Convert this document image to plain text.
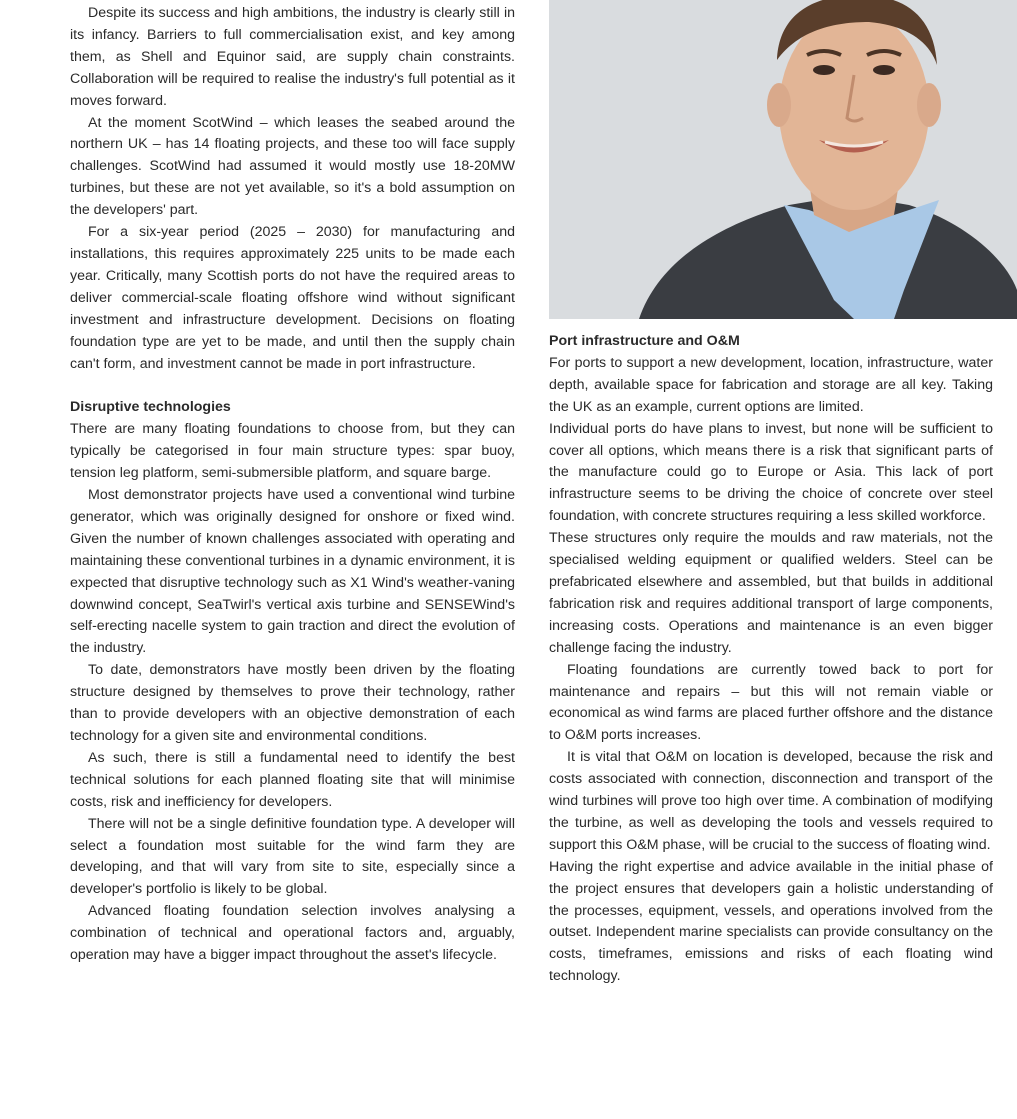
Despite its success and high ambitions, the industry is clearly still in its infancy. Barriers to full commercialisation exist, and key among them, as Shell and Equinor said, are supply chain constraints. Collaboration will be required to realise the industry's full potential as it moves forward.

At the moment ScotWind – which leases the seabed around the northern UK – has 14 floating projects, and these too will face supply challenges. ScotWind had assumed it would mostly use 18-20MW turbines, but these are not yet available, so it's a bold assumption on the developers' part.

For a six-year period (2025 – 2030) for manufacturing and installations, this requires approximately 225 units to be made each year. Critically, many Scottish ports do not have the required areas to deliver commercial-scale floating offshore wind without significant investment and infrastructure development. Decisions on floating foundation type are yet to be made, and until then the supply chain can't form, and investment cannot be made in port infrastructure.

Disruptive technologies

There are many floating foundations to choose from, but they can typically be categorised in four main structure types: spar buoy, tension leg platform, semi-submersible platform, and square barge.

Most demonstrator projects have used a conventional wind turbine generator, which was originally designed for onshore or fixed wind. Given the number of known challenges associated with operating and maintaining these conventional turbines in a dynamic environment, it is expected that disruptive technology such as X1 Wind's weather-vaning downwind concept, SeaTwirl's vertical axis turbine and SENSEWind's self-erecting nacelle system to gain traction and direct the evolution of the industry.

To date, demonstrators have mostly been driven by the floating structure designed by themselves to prove their technology, rather than to provide developers with an objective demonstration of each technology for a given site and environmental conditions.

As such, there is still a fundamental need to identify the best technical solutions for each planned floating site that will minimise costs, risk and inefficiency for developers.

There will not be a single definitive foundation type. A developer will select a foundation most suitable for the wind farm they are developing, and that will vary from site to site, especially since a developer's portfolio is likely to be global.

Advanced floating foundation selection involves analysing a combination of technical and operational factors and, arguably, operation may have a bigger impact throughout the asset's lifecycle.

Port infrastructure and O&M

For ports to support a new development, location, infrastructure, water depth, available space for fabrication and storage are all key. Taking the UK as an example, current options are limited.

Individual ports do have plans to invest, but none will be sufficient to cover all options, which means there is a risk that significant parts of the manufacture could go to Europe or Asia. This lack of port infrastructure seems to be driving the choice of concrete over steel foundation, with concrete structures requiring a less skilled workforce.

These structures only require the moulds and raw materials, not the specialised welding equipment or qualified welders. Steel can be prefabricated elsewhere and assembled, but that builds in additional fabrication risk and requires additional transport of large components, increasing costs. Operations and maintenance is an even bigger challenge facing the industry.

Floating foundations are currently towed back to port for maintenance and repairs – but this will not remain viable or economical as wind farms are placed further offshore and the distance to O&M ports increases.

It is vital that O&M on location is developed, because the risk and costs associated with connection, disconnection and transport of the wind turbines will prove too high over time. A combination of modifying the turbine, as well as developing the tools and vessels required to support this O&M phase, will be crucial to the success of floating wind.

Having the right expertise and advice available in the initial phase of the project ensures that developers gain a holistic understanding of the processes, equipment, vessels, and operations involved from the outset. Independent marine specialists can provide consultancy on the costs, timeframes, emissions and risks of each floating wind technology.
